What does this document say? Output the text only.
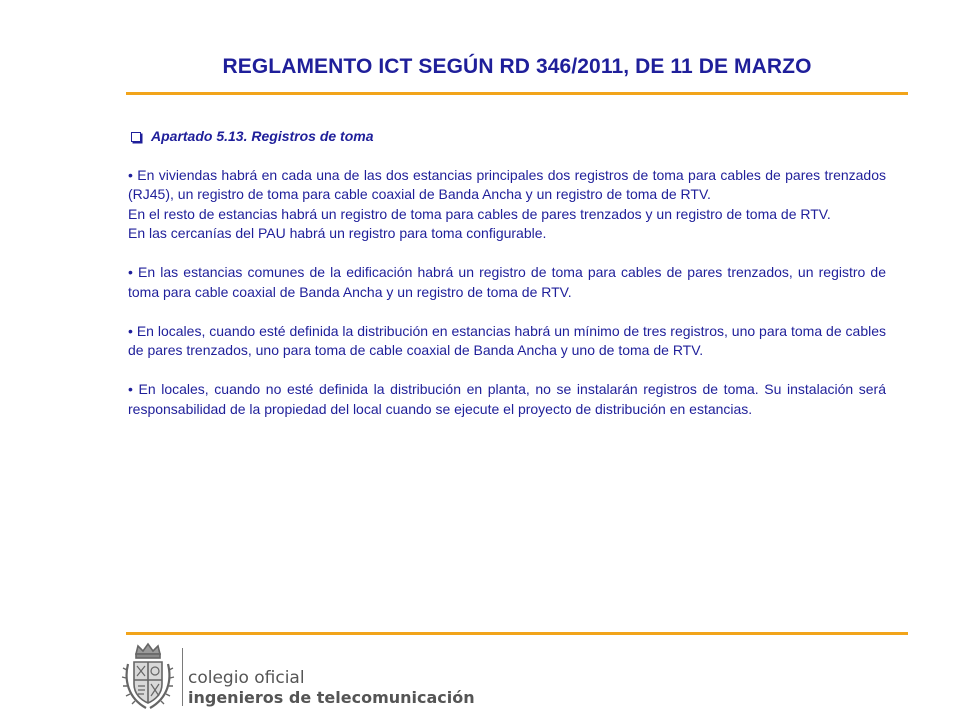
REGLAMENTO ICT SEGÚN RD 346/2011, DE 11 DE MARZO
Apartado 5.13. Registros de toma

• En viviendas habrá en cada una de las dos estancias principales dos registros de toma para cables de pares trenzados (RJ45), un registro de toma para cable coaxial de Banda Ancha y un registro de toma de RTV.

En el resto de estancias habrá un registro de toma para cables de pares trenzados y un registro de toma de RTV.

En las cercanías del PAU habrá un registro para toma configurable.

• En las estancias comunes de la edificación habrá un registro de toma para cables de pares trenzados, un registro de toma para cable coaxial de Banda Ancha y un registro de toma de RTV.

• En locales, cuando esté definida la distribución en estancias habrá un mínimo de tres registros, uno para toma de cables de pares trenzados, uno para toma de cable coaxial de Banda Ancha y uno de toma de RTV.

• En locales, cuando no esté definida la distribución en planta, no se instalarán registros de toma. Su instalación será responsabilidad de la propiedad del local cuando se ejecute el proyecto de distribución en estancias.

colegio oficial
ingenieros de telecomunicación
